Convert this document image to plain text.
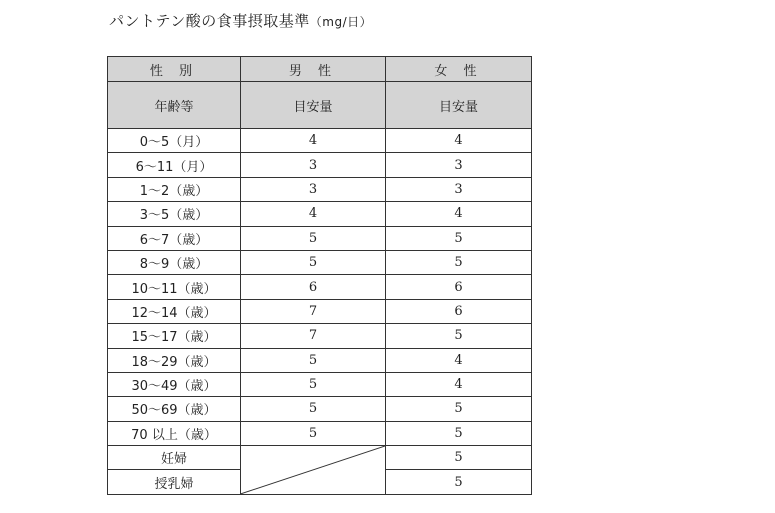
パントテン酸の食事摂取基準（mg/日）
性 別	男 性	女 性
年齢等	目安量	目安量
0～5（月）	4	4
6～11（月）	3	3
1～2（歳）	3	3
3～5（歳）	4	4
6～7（歳）	5	5
8～9（歳）	5	5
10～11（歳）	6	6
12～14（歳）	7	6
15～17（歳）	7	5
18～29（歳）	5	4
30～49（歳）	5	4
50～69（歳）	5	5
70 以上（歳）	5	5
妊婦		5
授乳婦		5
